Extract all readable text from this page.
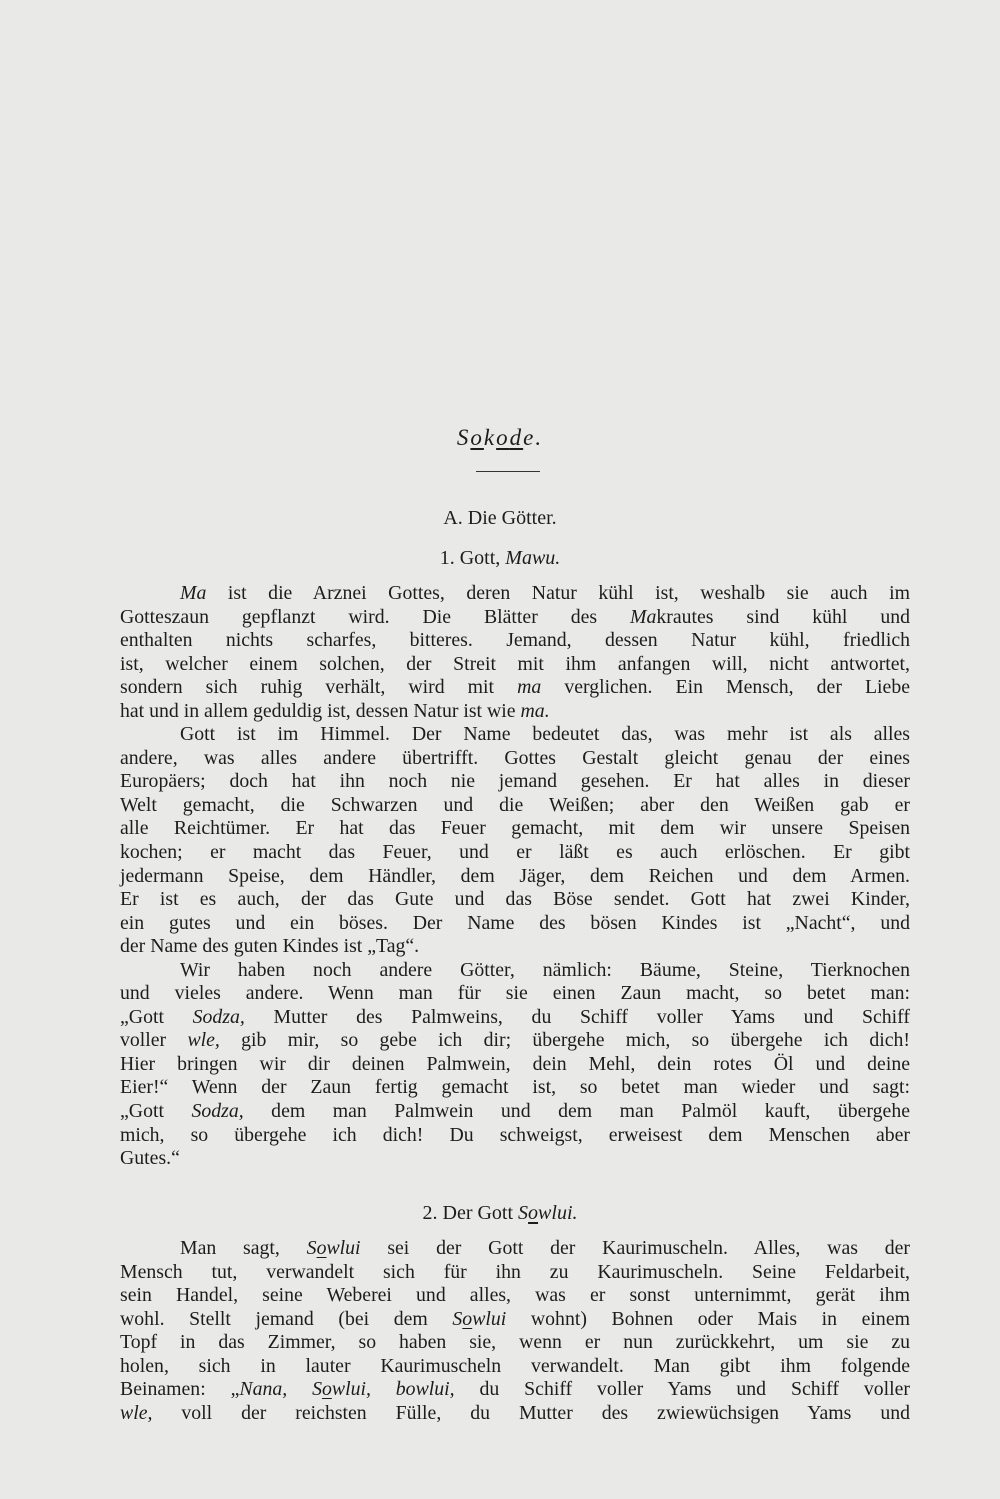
Sokode.
A. Die Götter.
1. Gott, Mawu.
Ma ist die Arznei Gottes, deren Natur kühl ist, weshalb sie auch im
Gotteszaun gepflanzt wird. Die Blätter des Makrautes sind kühl und
enthalten nichts scharfes, bitteres. Jemand, dessen Natur kühl, friedlich
ist, welcher einem solchen, der Streit mit ihm anfangen will, nicht antwortet,
sondern sich ruhig verhält, wird mit ma verglichen. Ein Mensch, der Liebe
hat und in allem geduldig ist, dessen Natur ist wie ma.
Gott ist im Himmel. Der Name bedeutet das, was mehr ist als alles
andere, was alles andere übertrifft. Gottes Gestalt gleicht genau der eines
Europäers; doch hat ihn noch nie jemand gesehen. Er hat alles in dieser
Welt gemacht, die Schwarzen und die Weißen; aber den Weißen gab er
alle Reichtümer. Er hat das Feuer gemacht, mit dem wir unsere Speisen
kochen; er macht das Feuer, und er läßt es auch erlöschen. Er gibt
jedermann Speise, dem Händler, dem Jäger, dem Reichen und dem Armen.
Er ist es auch, der das Gute und das Böse sendet. Gott hat zwei Kinder,
ein gutes und ein böses. Der Name des bösen Kindes ist „Nacht“, und
der Name des guten Kindes ist „Tag“.
Wir haben noch andere Götter, nämlich: Bäume, Steine, Tierknochen
und vieles andere. Wenn man für sie einen Zaun macht, so betet man:
„Gott Sodza, Mutter des Palmweins, du Schiff voller Yams und Schiff
voller wle, gib mir, so gebe ich dir; übergehe mich, so übergehe ich dich!
Hier bringen wir dir deinen Palmwein, dein Mehl, dein rotes Öl und deine
Eier!“ Wenn der Zaun fertig gemacht ist, so betet man wieder und sagt:
„Gott Sodza, dem man Palmwein und dem man Palmöl kauft, übergehe
mich, so übergehe ich dich! Du schweigst, erweisest dem Menschen aber
Gutes.“
2. Der Gott Sowlui.
Man sagt, Sowlui sei der Gott der Kaurimuscheln. Alles, was der
Mensch tut, verwandelt sich für ihn zu Kaurimuscheln. Seine Feldarbeit,
sein Handel, seine Weberei und alles, was er sonst unternimmt, gerät ihm
wohl. Stellt jemand (bei dem Sowlui wohnt) Bohnen oder Mais in einem
Topf in das Zimmer, so haben sie, wenn er nun zurückkehrt, um sie zu
holen, sich in lauter Kaurimuscheln verwandelt. Man gibt ihm folgende
Beinamen: „Nana, Sowlui, bowlui, du Schiff voller Yams und Schiff voller
wle, voll der reichsten Fülle, du Mutter des zwiewüchsigen Yams und
